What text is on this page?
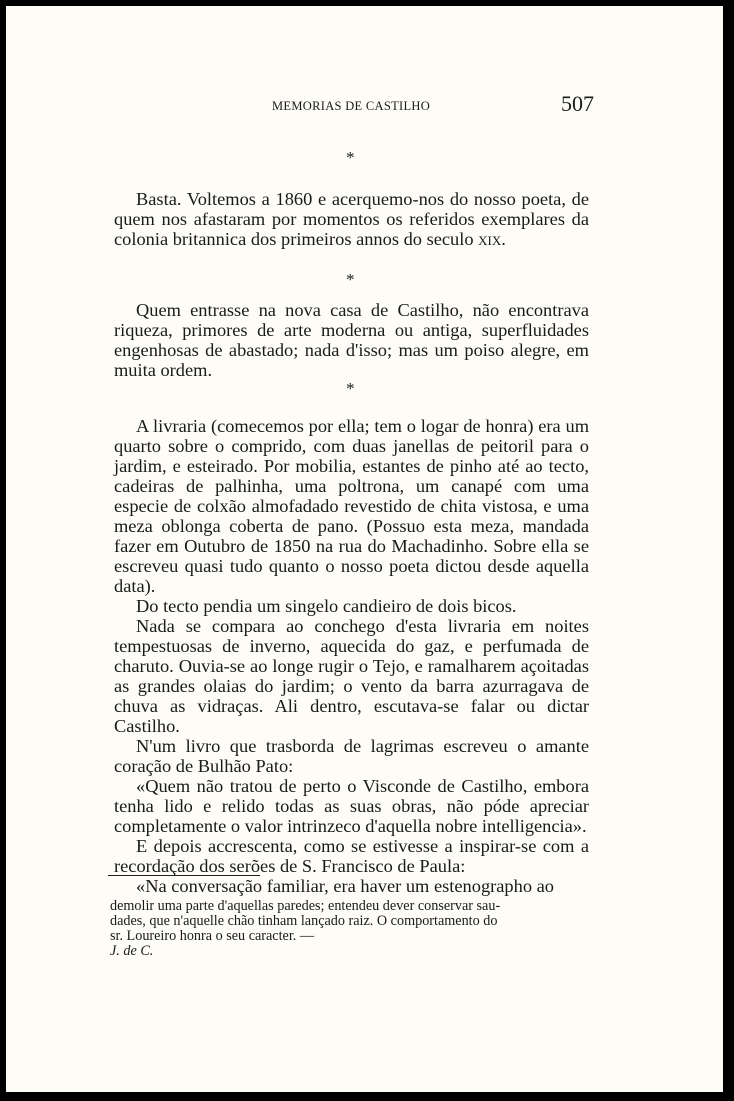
MEMORIAS DE CASTILHO	507
*

Basta. Voltemos a 1860 e acerquemo-nos do nosso poeta, de quem nos afastaram por momentos os referidos exemplares da colonia britannica dos primeiros annos do seculo xix.

*

Quem entrasse na nova casa de Castilho, não encontrava riqueza, primores de arte moderna ou antiga, superfluidades engenhosas de abastado; nada d'isso; mas um poiso alegre, em muita ordem.

*

A livraria (comecemos por ella; tem o logar de honra) era um quarto sobre o comprido, com duas janellas de peitoril para o jardim, e esteirado. Por mobilia, estantes de pinho até ao tecto, cadeiras de palhinha, uma poltrona, um canapé com uma especie de colxão almofadado revestido de chita vistosa, e uma meza oblonga coberta de pano. (Possuo esta meza, mandada fazer em Outubro de 1850 na rua do Machadinho. Sobre ella se escreveu quasi tudo quanto o nosso poeta dictou desde aquella data).

Do tecto pendia um singelo candieiro de dois bicos.

Nada se compara ao conchego d'esta livraria em noites tempestuosas de inverno, aquecida do gaz, e perfumada de charuto. Ouvia-se ao longe rugir o Tejo, e ramalharem açoitadas as grandes olaias do jardim; o vento da barra azurragava de chuva as vidraças. Ali dentro, escutava-se falar ou dictar Castilho.

N'um livro que trasborda de lagrimas escreveu o amante coração de Bulhão Pato:

«Quem não tratou de perto o Visconde de Castilho, embora tenha lido e relido todas as suas obras, não póde apreciar completamente o valor intrinzeco d'aquella nobre intelligencia».

E depois accrescenta, como se estivesse a inspirar-se com a recordação dos serões de S. Francisco de Paula:

«Na conversação familiar, era haver um estenographo ao

demolir uma parte d'aquellas paredes; entendeu dever conservar sau-
dades, que n'aquelle chão tinham lançado raiz. O comportamento do
sr. Loureiro honra o seu caracter. —
J. de C.
